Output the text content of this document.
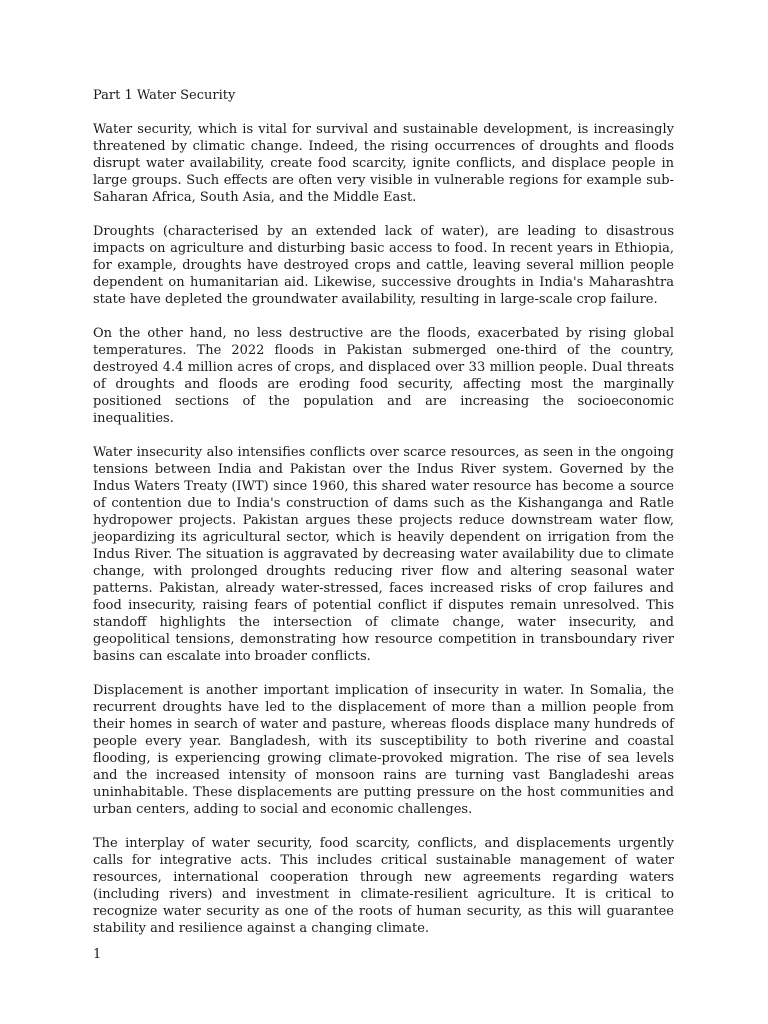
Part 1 Water Security

Water security, which is vital for survival and sustainable development, is increasingly threatened by climatic change. Indeed, the rising occurrences of droughts and floods disrupt water availability, create food scarcity, ignite conflicts, and displace people in large groups. Such effects are often very visible in vulnerable regions for example sub-Saharan Africa, South Asia, and the Middle East.

Droughts (characterised by an extended lack of water), are leading to disastrous impacts on agriculture and disturbing basic access to food. In recent years in Ethiopia, for example, droughts have destroyed crops and cattle, leaving several million people dependent on humanitarian aid. Likewise, successive droughts in India's Maharashtra state have depleted the groundwater availability, resulting in large-scale crop failure.

On the other hand, no less destructive are the floods, exacerbated by rising global temperatures. The 2022 floods in Pakistan submerged one-third of the country, destroyed 4.4 million acres of crops, and displaced over 33 million people. Dual threats of droughts and floods are eroding food security, affecting most the marginally positioned sections of the population and are increasing the socioeconomic inequalities.

Water insecurity also intensifies conflicts over scarce resources, as seen in the ongoing tensions between India and Pakistan over the Indus River system. Governed by the Indus Waters Treaty (IWT) since 1960, this shared water resource has become a source of contention due to India's construction of dams such as the Kishanganga and Ratle hydropower projects. Pakistan argues these projects reduce downstream water flow, jeopardizing its agricultural sector, which is heavily dependent on irrigation from the Indus River. The situation is aggravated by decreasing water availability due to climate change, with prolonged droughts reducing river flow and altering seasonal water patterns. Pakistan, already water-stressed, faces increased risks of crop failures and food insecurity, raising fears of potential conflict if disputes remain unresolved. This standoff highlights the intersection of climate change, water insecurity, and geopolitical tensions, demonstrating how resource competition in transboundary river basins can escalate into broader conflicts.

Displacement is another important implication of insecurity in water. In Somalia, the recurrent droughts have led to the displacement of more than a million people from their homes in search of water and pasture, whereas floods displace many hundreds of people every year. Bangladesh, with its susceptibility to both riverine and coastal flooding, is experiencing growing climate-provoked migration. The rise of sea levels and the increased intensity of monsoon rains are turning vast Bangladeshi areas uninhabitable. These displacements are putting pressure on the host communities and urban centers, adding to social and economic challenges.

The interplay of water security, food scarcity, conflicts, and displacements urgently calls for integrative acts. This includes critical sustainable management of water resources, international cooperation through new agreements regarding waters (including rivers) and investment in climate-resilient agriculture. It is critical to recognize water security as one of the roots of human security, as this will guarantee stability and resilience against a changing climate.

1
